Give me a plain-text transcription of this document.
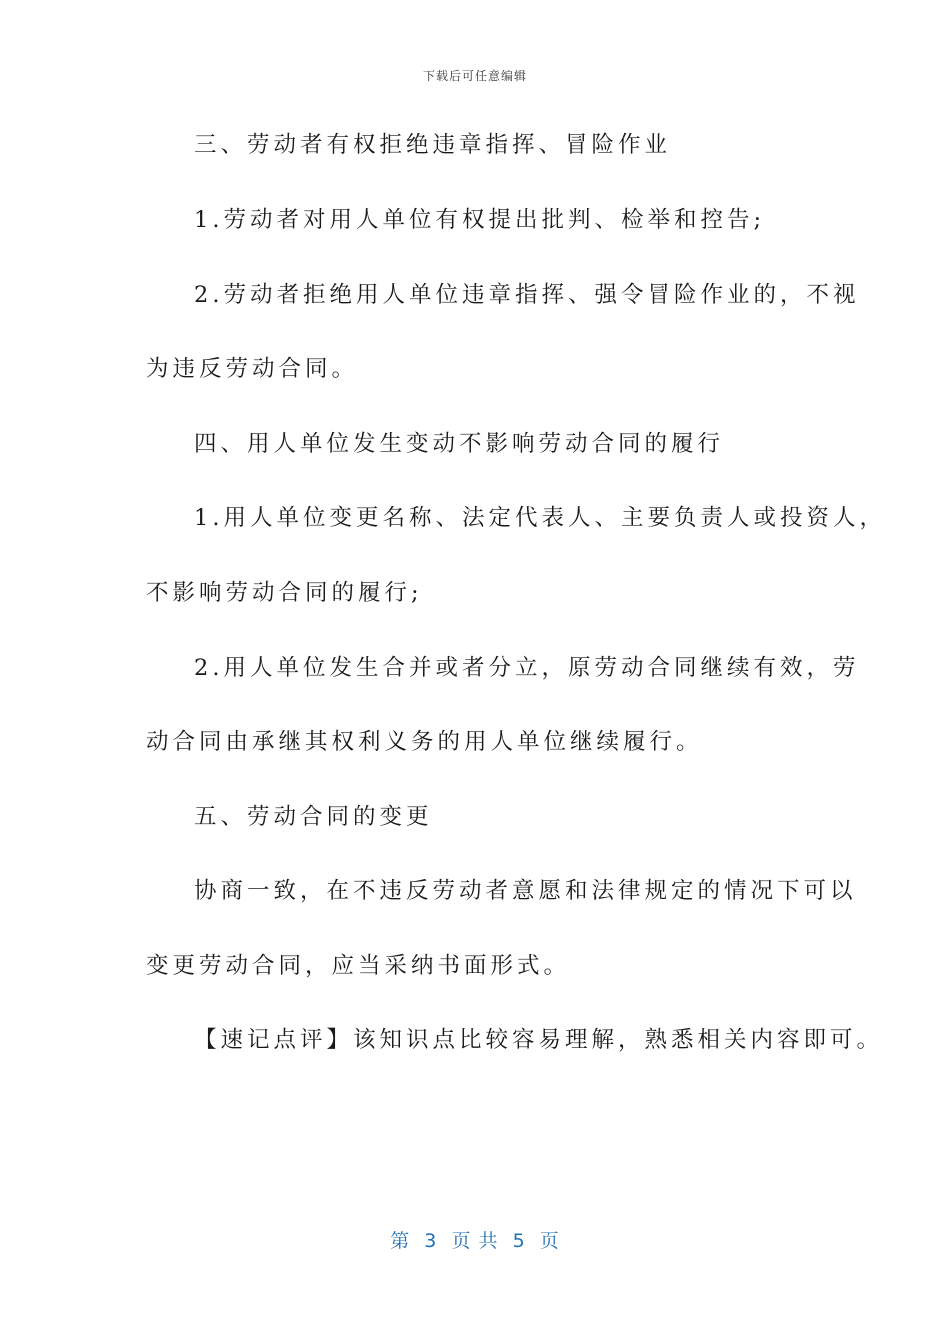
下载后可任意编辑
三、劳动者有权拒绝违章指挥、冒险作业
1.劳动者对用人单位有权提出批判、检举和控告;
2.劳动者拒绝用人单位违章指挥、强令冒险作业的，不视
为违反劳动合同。
四、用人单位发生变动不影响劳动合同的履行
1.用人单位变更名称、法定代表人、主要负责人或投资人，
不影响劳动合同的履行;
2.用人单位发生合并或者分立，原劳动合同继续有效，劳
动合同由承继其权利义务的用人单位继续履行。
五、劳动合同的变更
协商一致，在不违反劳动者意愿和法律规定的情况下可以
变更劳动合同，应当采纳书面形式。
【速记点评】该知识点比较容易理解，熟悉相关内容即可。
第  3  页 共  5  页
